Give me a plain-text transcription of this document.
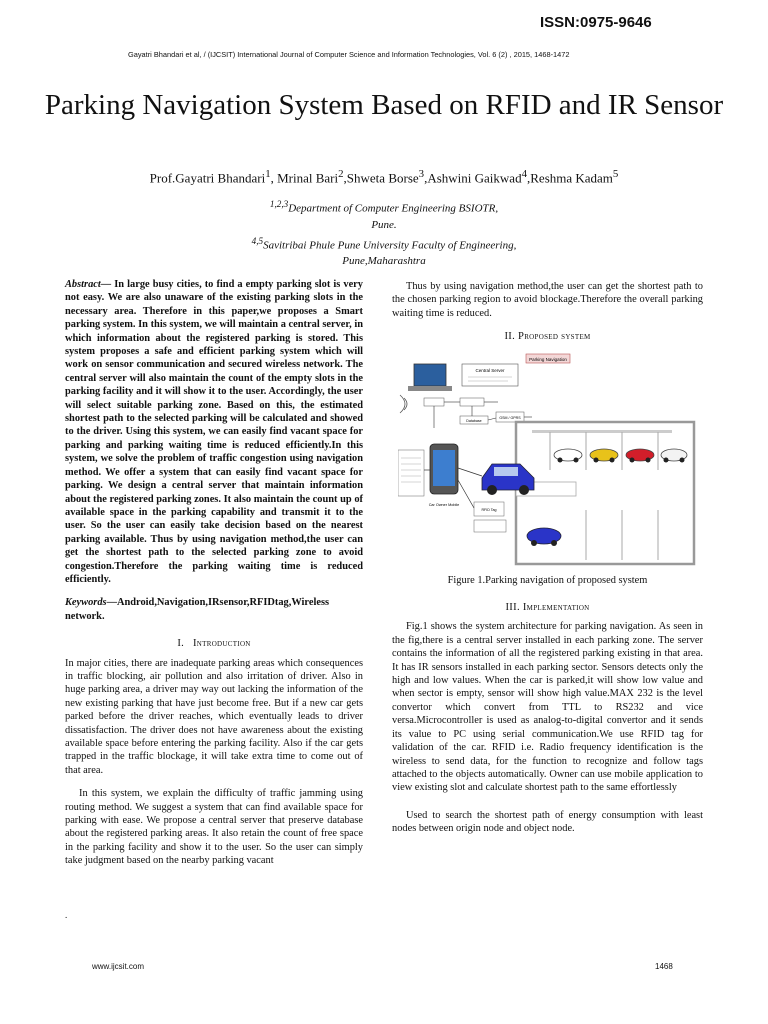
ISSN:0975-9646
Gayatri Bhandari et al, / (IJCSIT) International Journal of Computer Science and Information Technologies, Vol. 6 (2) , 2015, 1468-1472
Parking Navigation System Based on RFID and IR Sensor
Prof.Gayatri Bhandari$^1$, Mrinal Bari$^2$,Shweta Borse$^3$,Ashwini Gaikwad$^4$,Reshma Kadam$^5$
$^{1,2,3}$Department of Computer Engineering BSIOTR,
Pune.
$^{4,5}$Savitribai Phule Pune University Faculty of Engineering,
Pune,Maharashtra

Abstract— In large busy cities, to find a empty parking slot is very not easy. We are also unaware of the existing parking slots in the necessary area. Therefore in this paper,we proposes a Smart parking system. In this system, we will maintain a central server, in which information about the registered parking is stored. This system proposes a safe and efficient parking system which will work on sensor communication and secured wireless network. The central server will also maintain the count of the empty slots in the parking facility and it will show it to the user. Accordingly, the user will select suitable parking zone. Based on this, the estimated shortest path to the selected parking will be calculated and showed to the driver. Using this system, we can easily find vacant space for parking and parking waiting time is reduced efficiently.In this system, we solve the problem of traffic congestion using navigation method. We offer a system that can easily find vacant space for parking. We design a central server that maintain information about the registered parking zones. It also maintain the count up of available space in the parking capability and transmit it to the user. So the user can easily take decision based on the nearest parking available. Thus by using navigation method,the user can get the shortest path to the selected parking zone to avoid congestion.Therefore the parking waiting time is reduced efficiently.

Keywords—Android,Navigation,IRsensor,RFIDtag,Wireless network.

I. Introduction

In major cities, there are inadequate parking areas which consequences in traffic blocking, air pollution and also irritation of driver. Also in huge parking area, a driver may way out lacking the information of the new existing parking that have just become free. But if a new car gets parked before the driver reaches, which eventually leads to driver dissatisfaction. The driver does not have awareness about the existing available space before entering the parking facility. Also if the car gets trapped in the traffic blockage, it will take extra time to come out of that area.

In this system, we explain the difficulty of traffic jamming using routing method. We suggest a system that can find available space for parking with ease. We propose a central server that preserve database about the registered parking areas. It also retain the count of free space in the parking facility and show it to the user. So the user can simply take judgment based on the nearby parking vacant

.

Thus by using navigation method,the user can get the shortest path to the chosen parking region to avoid blockage.Therefore the overall parking waiting time is reduced.

II. Proposed system
Parking Navigation
Central Server
Database
GSM / GPRS
Car Owner Mobile
RFID Tag
Figure 1.Parking navigation of proposed system
III. Implementation

Fig.1 shows the system architecture for parking navigation. As seen in the fig,there is a central server installed in each parking zone. The server contains the information of all the registered parking existing in that area. It has IR sensors installed in each parking sector. Sensors detects only the high and low values. When the car is parked,it will show low value and when sector is empty, sensor will show high value.MAX 232 is the level convertor which convert from TTL to RS232 and vice versa.Microcontroller is used as analog-to-digital convertor and it sends its value to PC using serial communication.We use RFID tag for validation of the car. RFID i.e. Radio frequency identification is the wireless to send data, for the function to recognize and follow tags attached to the objects automatically. Owner can use mobile application to view existing slot and calculate shortest path to the same effortlessly

Used to search the shortest path of energy consumption with least nodes between origin node and object node.

www.ijcsit.com	1468
